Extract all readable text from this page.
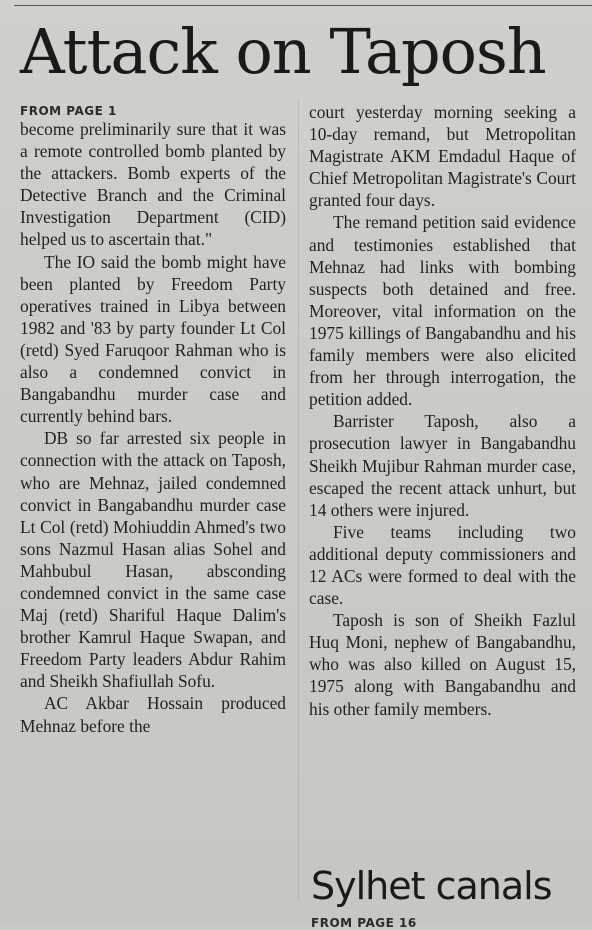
Attack on Taposh
FROM PAGE 1

become preliminarily sure that it was a remote controlled bomb planted by the attackers. Bomb experts of the Detective Branch and the Criminal Investigation Department (CID) helped us to ascertain that."

The IO said the bomb might have been planted by Freedom Party operatives trained in Libya between 1982 and '83 by party founder Lt Col (retd) Syed Faruqoor Rahman who is also a condemned convict in Bangabandhu murder case and currently behind bars.

DB so far arrested six people in connection with the attack on Taposh, who are Mehnaz, jailed condemned convict in Bangabandhu murder case Lt Col (retd) Mohiuddin Ahmed's two sons Nazmul Hasan alias Sohel and Mahbubul Hasan, absconding condemned convict in the same case Maj (retd) Shariful Haque Dalim's brother Kamrul Haque Swapan, and Freedom Party leaders Abdur Rahim and Sheikh Shafiullah Sofu.

AC Akbar Hossain produced Mehnaz before the

court yesterday morning seeking a 10-day remand, but Metropolitan Magistrate AKM Emdadul Haque of Chief Metropolitan Magistrate's Court granted four days.

The remand petition said evidence and testimonies established that Mehnaz had links with bombing suspects both detained and free. Moreover, vital information on the 1975 killings of Bangabandhu and his family members were also elicited from her through interrogation, the petition added.

Barrister Taposh, also a prosecution lawyer in Bangabandhu Sheikh Mujibur Rahman murder case, escaped the recent attack unhurt, but 14 others were injured.

Five teams including two additional deputy commissioners and 12 ACs were formed to deal with the case.

Taposh is son of Sheikh Fazlul Huq Moni, nephew of Bangabandhu, who was also killed on August 15, 1975 along with Bangabandhu and his other family members.

Sylhet canals
FROM PAGE 16
